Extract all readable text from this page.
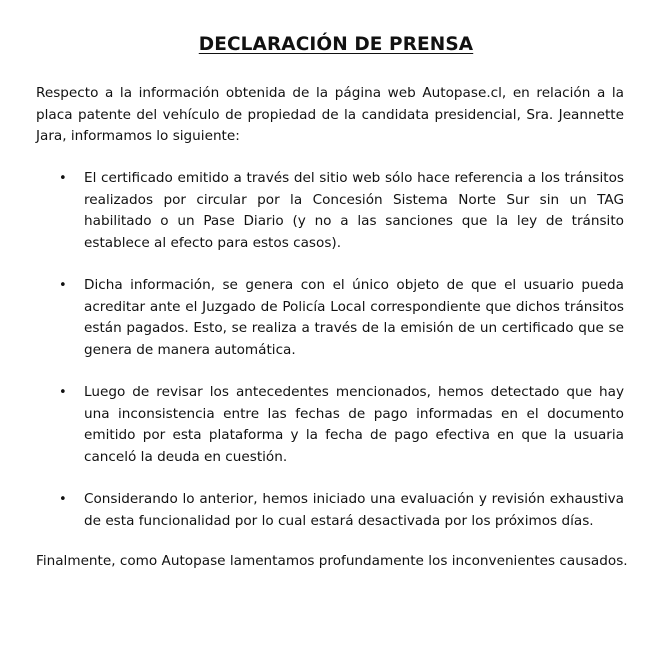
DECLARACIÓN DE PRENSA

Respecto a la información obtenida de la página web Autopase.cl, en relación a la placa patente del vehículo de propiedad de la candidata presidencial, Sra. Jeannette Jara, informamos lo siguiente:

• El certificado emitido a través del sitio web sólo hace referencia a los tránsitos realizados por circular por la Concesión Sistema Norte Sur sin un TAG habilitado o un Pase Diario (y no a las sanciones que la ley de tránsito establece al efecto para estos casos).
• Dicha información, se genera con el único objeto de que el usuario pueda acreditar ante el Juzgado de Policía Local correspondiente que dichos tránsitos están pagados. Esto, se realiza a través de la emisión de un certificado que se genera de manera automática.
• Luego de revisar los antecedentes mencionados, hemos detectado que hay una inconsistencia entre las fechas de pago informadas en el documento emitido por esta plataforma y la fecha de pago efectiva en que la usuaria canceló la deuda en cuestión.
• Considerando lo anterior, hemos iniciado una evaluación y revisión exhaustiva de esta funcionalidad por lo cual estará desactivada por los próximos días.

Finalmente, como Autopase lamentamos profundamente los inconvenientes causados.
